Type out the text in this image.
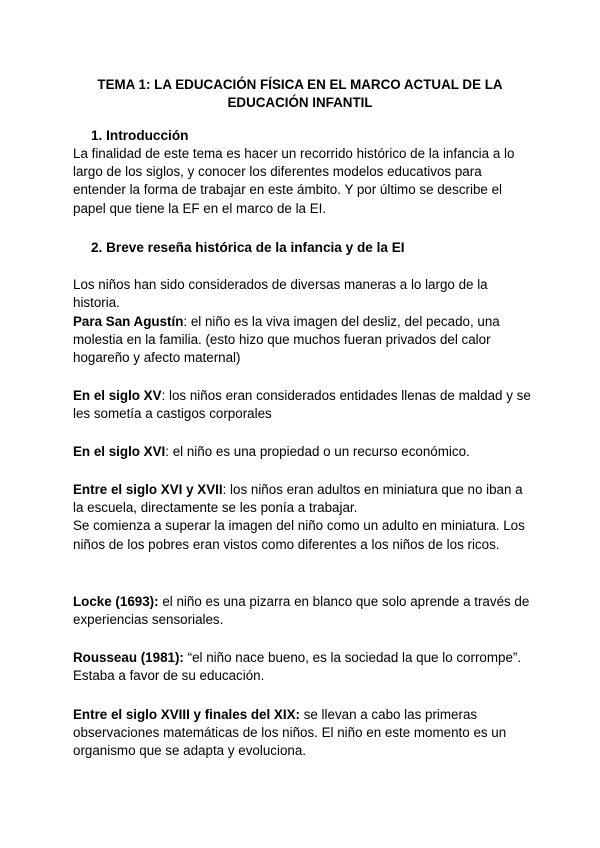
TEMA 1: LA EDUCACIÓN FÍSICA EN EL MARCO ACTUAL DE LA EDUCACIÓN INFANTIL
1. Introducción
La finalidad de este tema es hacer un recorrido histórico de la infancia a lo largo de los siglos, y conocer los diferentes modelos educativos para entender la forma de trabajar en este ámbito. Y por último se describe el papel que tiene la EF en el marco de la EI.
2. Breve reseña histórica de la infancia y de la EI
Los niños han sido considerados de diversas maneras a lo largo de la historia.
Para San Agustín: el niño es la viva imagen del desliz, del pecado, una molestia en la familia. (esto hizo que muchos fueran privados del calor hogareño y afecto maternal)
En el siglo XV: los niños eran considerados entidades llenas de maldad y se les sometía a castigos corporales
En el siglo XVI: el niño es una propiedad o un recurso económico.
Entre el siglo XVI y XVII: los niños eran adultos en miniatura que no iban a la escuela, directamente se les ponía a trabajar.
Se comienza a superar la imagen del niño como un adulto en miniatura. Los niños de los pobres eran vistos como diferentes a los niños de los ricos.
Locke (1693): el niño es una pizarra en blanco que solo aprende a través de experiencias sensoriales.
Rousseau (1981): “el niño nace bueno, es la sociedad la que lo corrompe”. Estaba a favor de su educación.
Entre el siglo XVIII y finales del XIX: se llevan a cabo las primeras observaciones matemáticas de los niños. El niño en este momento es un organismo que se adapta y evoluciona.
